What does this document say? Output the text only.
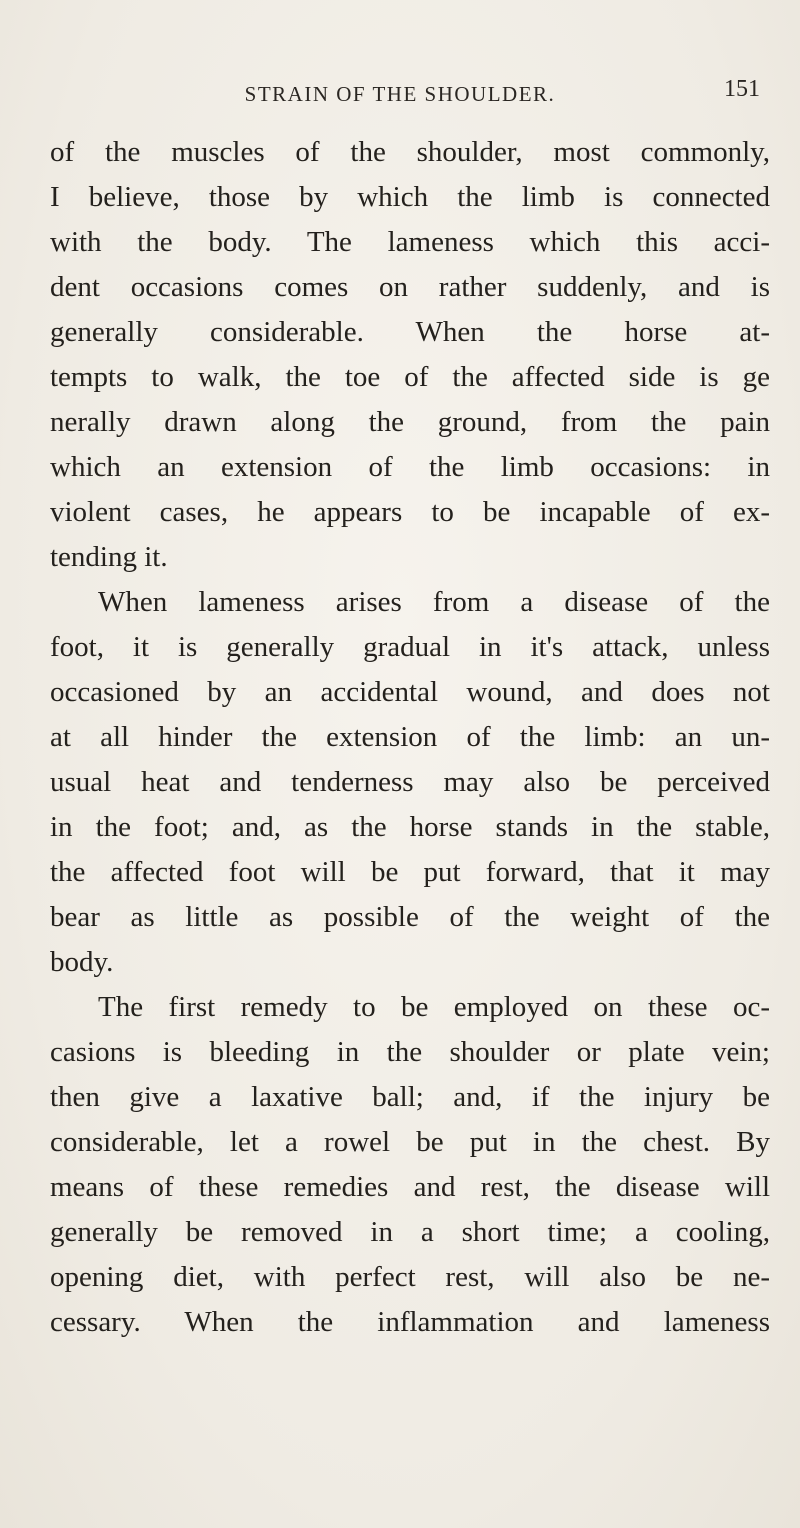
STRAIN OF THE SHOULDER.	151
of the muscles of the shoulder, most commonly,
I believe, those by which the limb is connected
with the body. The lameness which this acci-
dent occasions comes on rather suddenly, and is
generally considerable. When the horse at-
tempts to walk, the toe of the affected side is ge
nerally drawn along the ground, from the pain
which an extension of the limb occasions: in
violent cases, he appears to be incapable of ex-
tending it.
When lameness arises from a disease of the
foot, it is generally gradual in it's attack, unless
occasioned by an accidental wound, and does not
at all hinder the extension of the limb: an un-
usual heat and tenderness may also be perceived
in the foot; and, as the horse stands in the stable,
the affected foot will be put forward, that it may
bear as little as possible of the weight of the
body.
The first remedy to be employed on these oc-
casions is bleeding in the shoulder or plate vein;
then give a laxative ball; and, if the injury be
considerable, let a rowel be put in the chest. By
means of these remedies and rest, the disease will
generally be removed in a short time; a cooling,
opening diet, with perfect rest, will also be ne-
cessary. When the inflammation and lameness
